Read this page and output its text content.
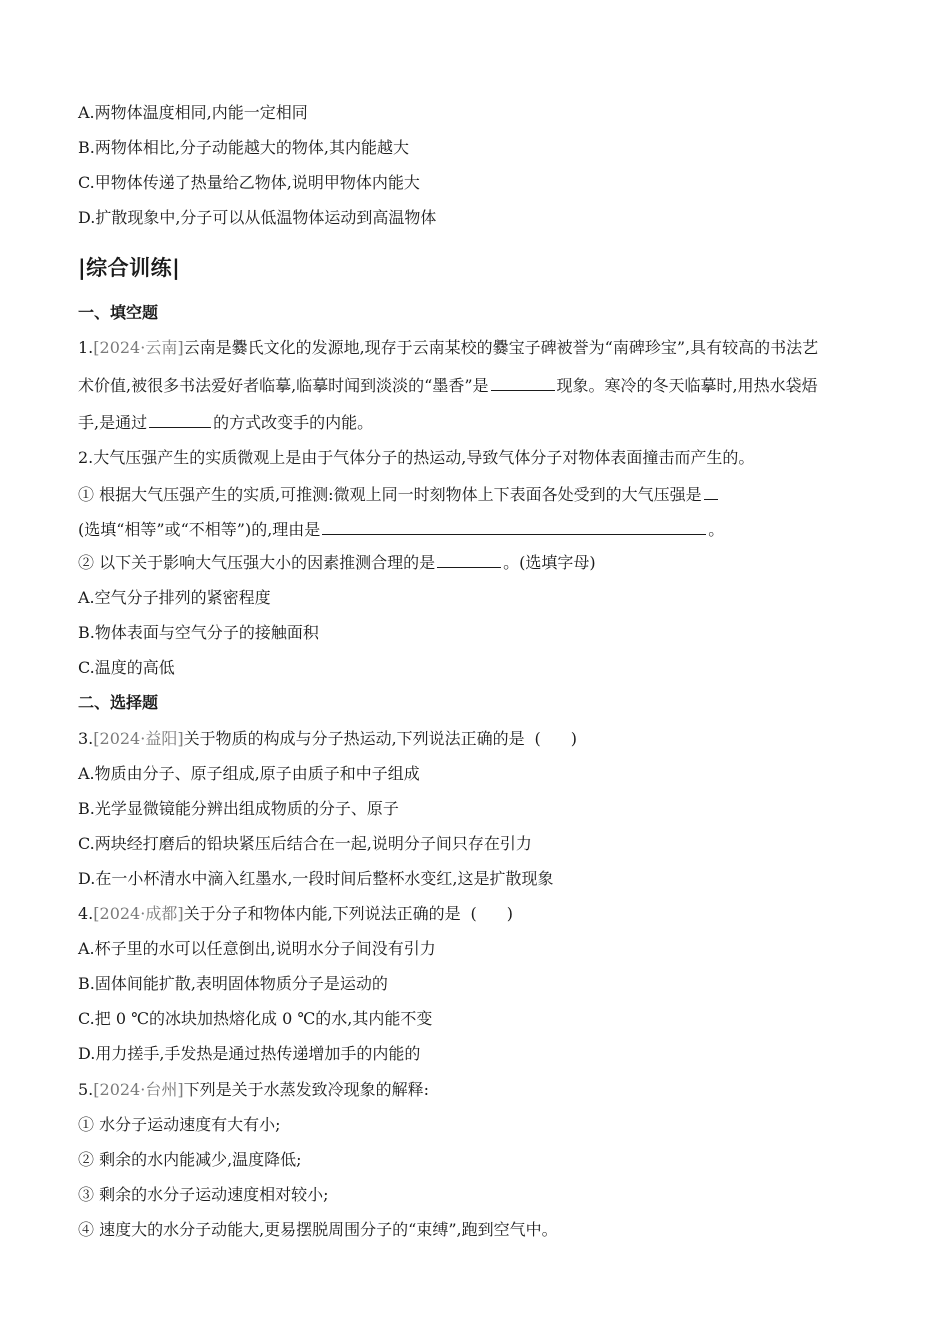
A.两物体温度相同,内能一定相同
B.两物体相比,分子动能越大的物体,其内能越大
C.甲物体传递了热量给乙物体,说明甲物体内能大
D.扩散现象中,分子可以从低温物体运动到高温物体
|综合训练|
一、填空题
1.[2024·云南]云南是爨氏文化的发源地,现存于云南某校的爨宝子碑被誉为“南碑珍宝”,具有较高的书法艺
术价值,被很多书法爱好者临摹,临摹时闻到淡淡的“墨香”是	现象。寒冷的冬天临摹时,用热水袋焐
手,是通过	的方式改变手的内能。
2.大气压强产生的实质微观上是由于气体分子的热运动,导致气体分子对物体表面撞击而产生的。
① 根据大气压强产生的实质,可推测:微观上同一时刻物体上下表面各处受到的大气压强是
(选填“相等”或“不相等”)的,理由是	。
② 以下关于影响大气压强大小的因素推测合理的是	。(选填字母)
A.空气分子排列的紧密程度
B.物体表面与空气分子的接触面积
C.温度的高低
二、选择题
3.[2024·益阳]关于物质的构成与分子热运动,下列说法正确的是 ( )
A.物质由分子、原子组成,原子由质子和中子组成
B.光学显微镜能分辨出组成物质的分子、原子
C.两块经打磨后的铅块紧压后结合在一起,说明分子间只存在引力
D.在一小杯清水中滴入红墨水,一段时间后整杯水变红,这是扩散现象
4.[2024·成都]关于分子和物体内能,下列说法正确的是 ( )
A.杯子里的水可以任意倒出,说明水分子间没有引力
B.固体间能扩散,表明固体物质分子是运动的
C.把 0 ℃的冰块加热熔化成 0 ℃的水,其内能不变
D.用力搓手,手发热是通过热传递增加手的内能的
5.[2024·台州]下列是关于水蒸发致冷现象的解释:
① 水分子运动速度有大有小;
② 剩余的水内能减少,温度降低;
③ 剩余的水分子运动速度相对较小;
④ 速度大的水分子动能大,更易摆脱周围分子的“束缚”,跑到空气中。
